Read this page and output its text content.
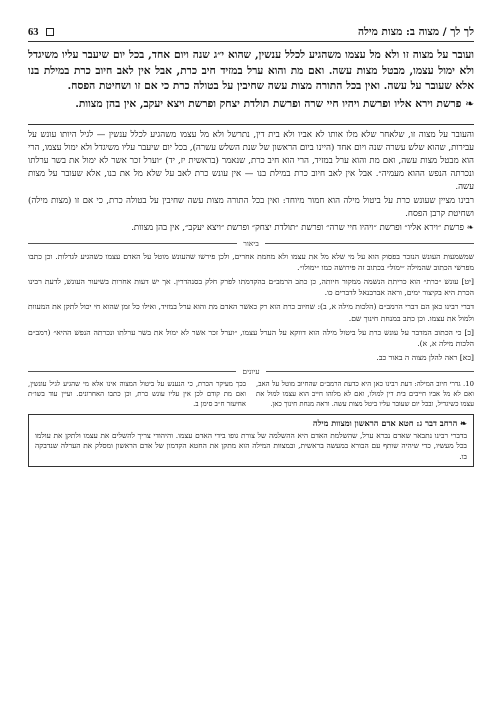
לך לך / מצוה ב: מצות מילה
63

ועובר על מצוה זו ולא מל עצמו משהגיע לכלל ענשין, שהוא י״ג שנה ויום אחד, בכל יום שיעבר עליו משיגדל ולא ימול עצמו, מבטל מצות עשה. ואם מת והוא ערל במזיד חיב כרת, אבל אין לאב חיוב כרת במילת בנו אלא שעובר על עשה. ואין בכל התורה מצות עשה שחיבין על בטולה כרת כי אם זו ושחיטת הפסח.

❧ פרשת וירא אליו ופרשת ויהיו חיי שרה ופרשת תולדת יצחק ופרשת ויצא יעקב, אין בהן מצוות.

והעובר על מצוה זו, שלאחר שלא מלו אותו לא אביו ולא בית דין, נתרשל ולא מל עצמו משהגיע לכלל ענשין — לגיל היותו עונש על עבירות, שהוא שלש עשרה שנה ויום אחד (היינו ביום הראשון של שנת השלש עשרה), בכל יום שיעבר עליו משיגדל ולא ימול עצמו, הרי הוא מבטל מצות עשה, ואם מת והוא ערל במזיד, הרי הוא חיב כרת, שנאמר (בראשית יז, יד) ״וערל זכר אשר לא ימול את בשר ערלתו ונכרתה הנפש ההוא מעמיה״. אבל אין לאב חיוב כרת במילת בנו — אין עונש כרת לאב על שלא מל את בנו, אלא שעובר על מצות עשה.

רבינו מציין שעונש כרת על ביטול מילה הוא חמור מיוחד: ואין בכל התורה מצות עשה שחיבין על בטולה כרת, כי אם זו (מצות מילה) ושחיטת קרבן הפסח.

❧ פרשת ״וירא אליו״ ופרשת ״ויהיו חיי שרה״ ופרשת ״תולדת יצחק״ ופרשת ״ויצא יעקב״, אין בהן מצוות.

ביאור

שמשמעות העונש הנזכר בפסוק הוא על מי שלא מל את עצמו ולא מחמת אחרים, ולכן פירשו שהעונש מוטל על האדם עצמו כשהגיע לגדלות. וכן כתבו מפרשי הכתוב שהמילה ״ימול״ בכתוב זה פירושה כמו ״ימולו״.

[יט] עונש ״כרת״ הוא כריתת הנשמה ממקור חיותה, כן כתב הרמב״ם בהקדמתו לפרק חלק בסנהדרין. אך יש דעות אחרות בשיעור העונש, לדעת רבינו הכרת היא בקיצור ימים, וראה אברבנאל לדברים כו.

דברי רבינו כאן הם דברי הרמב״ם (הלכות מילה א, ב): שחיוב כרת הוא רק כאשר האדם מת והוא ערל במזיד, ואילו כל זמן שהוא חי יכול לתקן את המעוות ולמול את עצמו. וכן כתב במנחת חינוך שם.

[כ] כי הכתוב המדבר על עונש כרת על ביטול מילה הוא דווקא על הערל עצמו, ״וערל זכר אשר לא ימול את בשר ערלתו ונכרתה הנפש ההיא״ (רמב״ם הלכות מילה א, א).

[כא] ראה להלן מצוה ה באור כב.

עיונים
10. גדרי חיוב המילה: דעת רבינו כאן היא כדעת הרמב״ם שהחיוב מוטל על האב, ואם לא מל אביו חייבים בית דין למולו, ואם לא מלוהו חייב הוא עצמו למול את עצמו כשיגדיל, ובכל יום שעובר עליו ביטל מצות עשה. וראה מנחת חינוך כאן.
בכך מעיקר הכרת, כי הנענש על ביטול המצוה אינו אלא מי שהגיע לגיל עונשין, ואם מת קודם לכן אין עליו עונש כרת, וכן כתבו האחרונים. ועיין עוד בשו״ת אחיעזר ח״ב סימן ב.
❧ הרחב דבר ג: חטא אדם הראשון ומצוות מילה
בדברי רבינו נתבאר שאדם נברא ערל, שהשלמת האדם היא ההשלמה של צורת גופו בידי האדם עצמו. והיהודי צריך להשלים את עצמו ולתקן את עולמו בכל מעשיו, כדי שיהיה שותף עם הבורא במעשה בראשית, ובמצוות המילה הוא מתקן את החטא הקדמון של אדם הראשון ומסלק את הערלה שנדבקה בו.
